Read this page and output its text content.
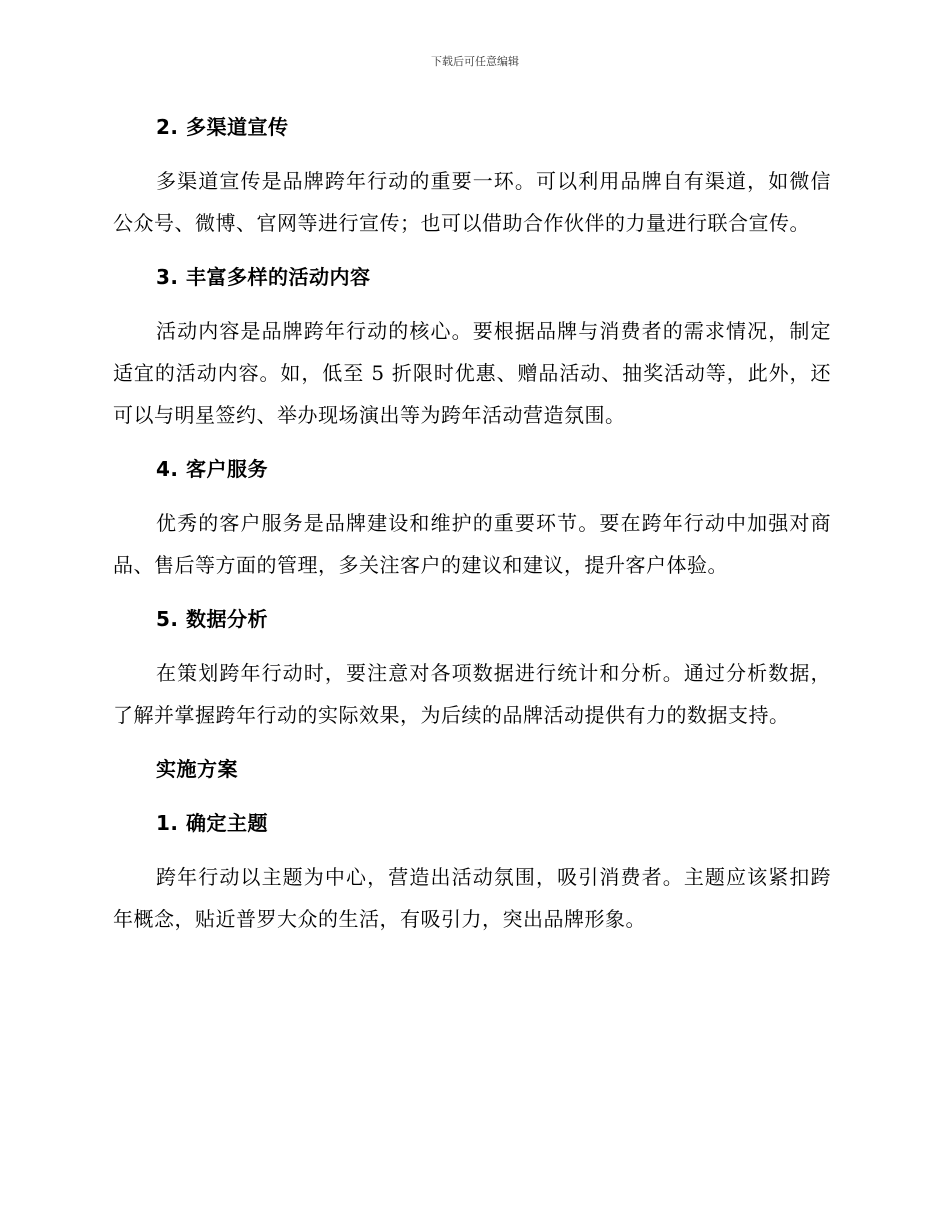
下载后可任意编辑
2. 多渠道宣传

多渠道宣传是品牌跨年行动的重要一环。可以利用品牌自有渠道，如微信公众号、微博、官网等进行宣传；也可以借助合作伙伴的力量进行联合宣传。

3. 丰富多样的活动内容

活动内容是品牌跨年行动的核心。要根据品牌与消费者的需求情况，制定适宜的活动内容。如，低至 5 折限时优惠、赠品活动、抽奖活动等，此外，还可以与明星签约、举办现场演出等为跨年活动营造氛围。

4. 客户服务

优秀的客户服务是品牌建设和维护的重要环节。要在跨年行动中加强对商品、售后等方面的管理，多关注客户的建议和建议，提升客户体验。

5. 数据分析

在策划跨年行动时，要注意对各项数据进行统计和分析。通过分析数据，了解并掌握跨年行动的实际效果，为后续的品牌活动提供有力的数据支持。

实施方案
1. 确定主题

跨年行动以主题为中心，营造出活动氛围，吸引消费者。主题应该紧扣跨年概念，贴近普罗大众的生活，有吸引力，突出品牌形象。
